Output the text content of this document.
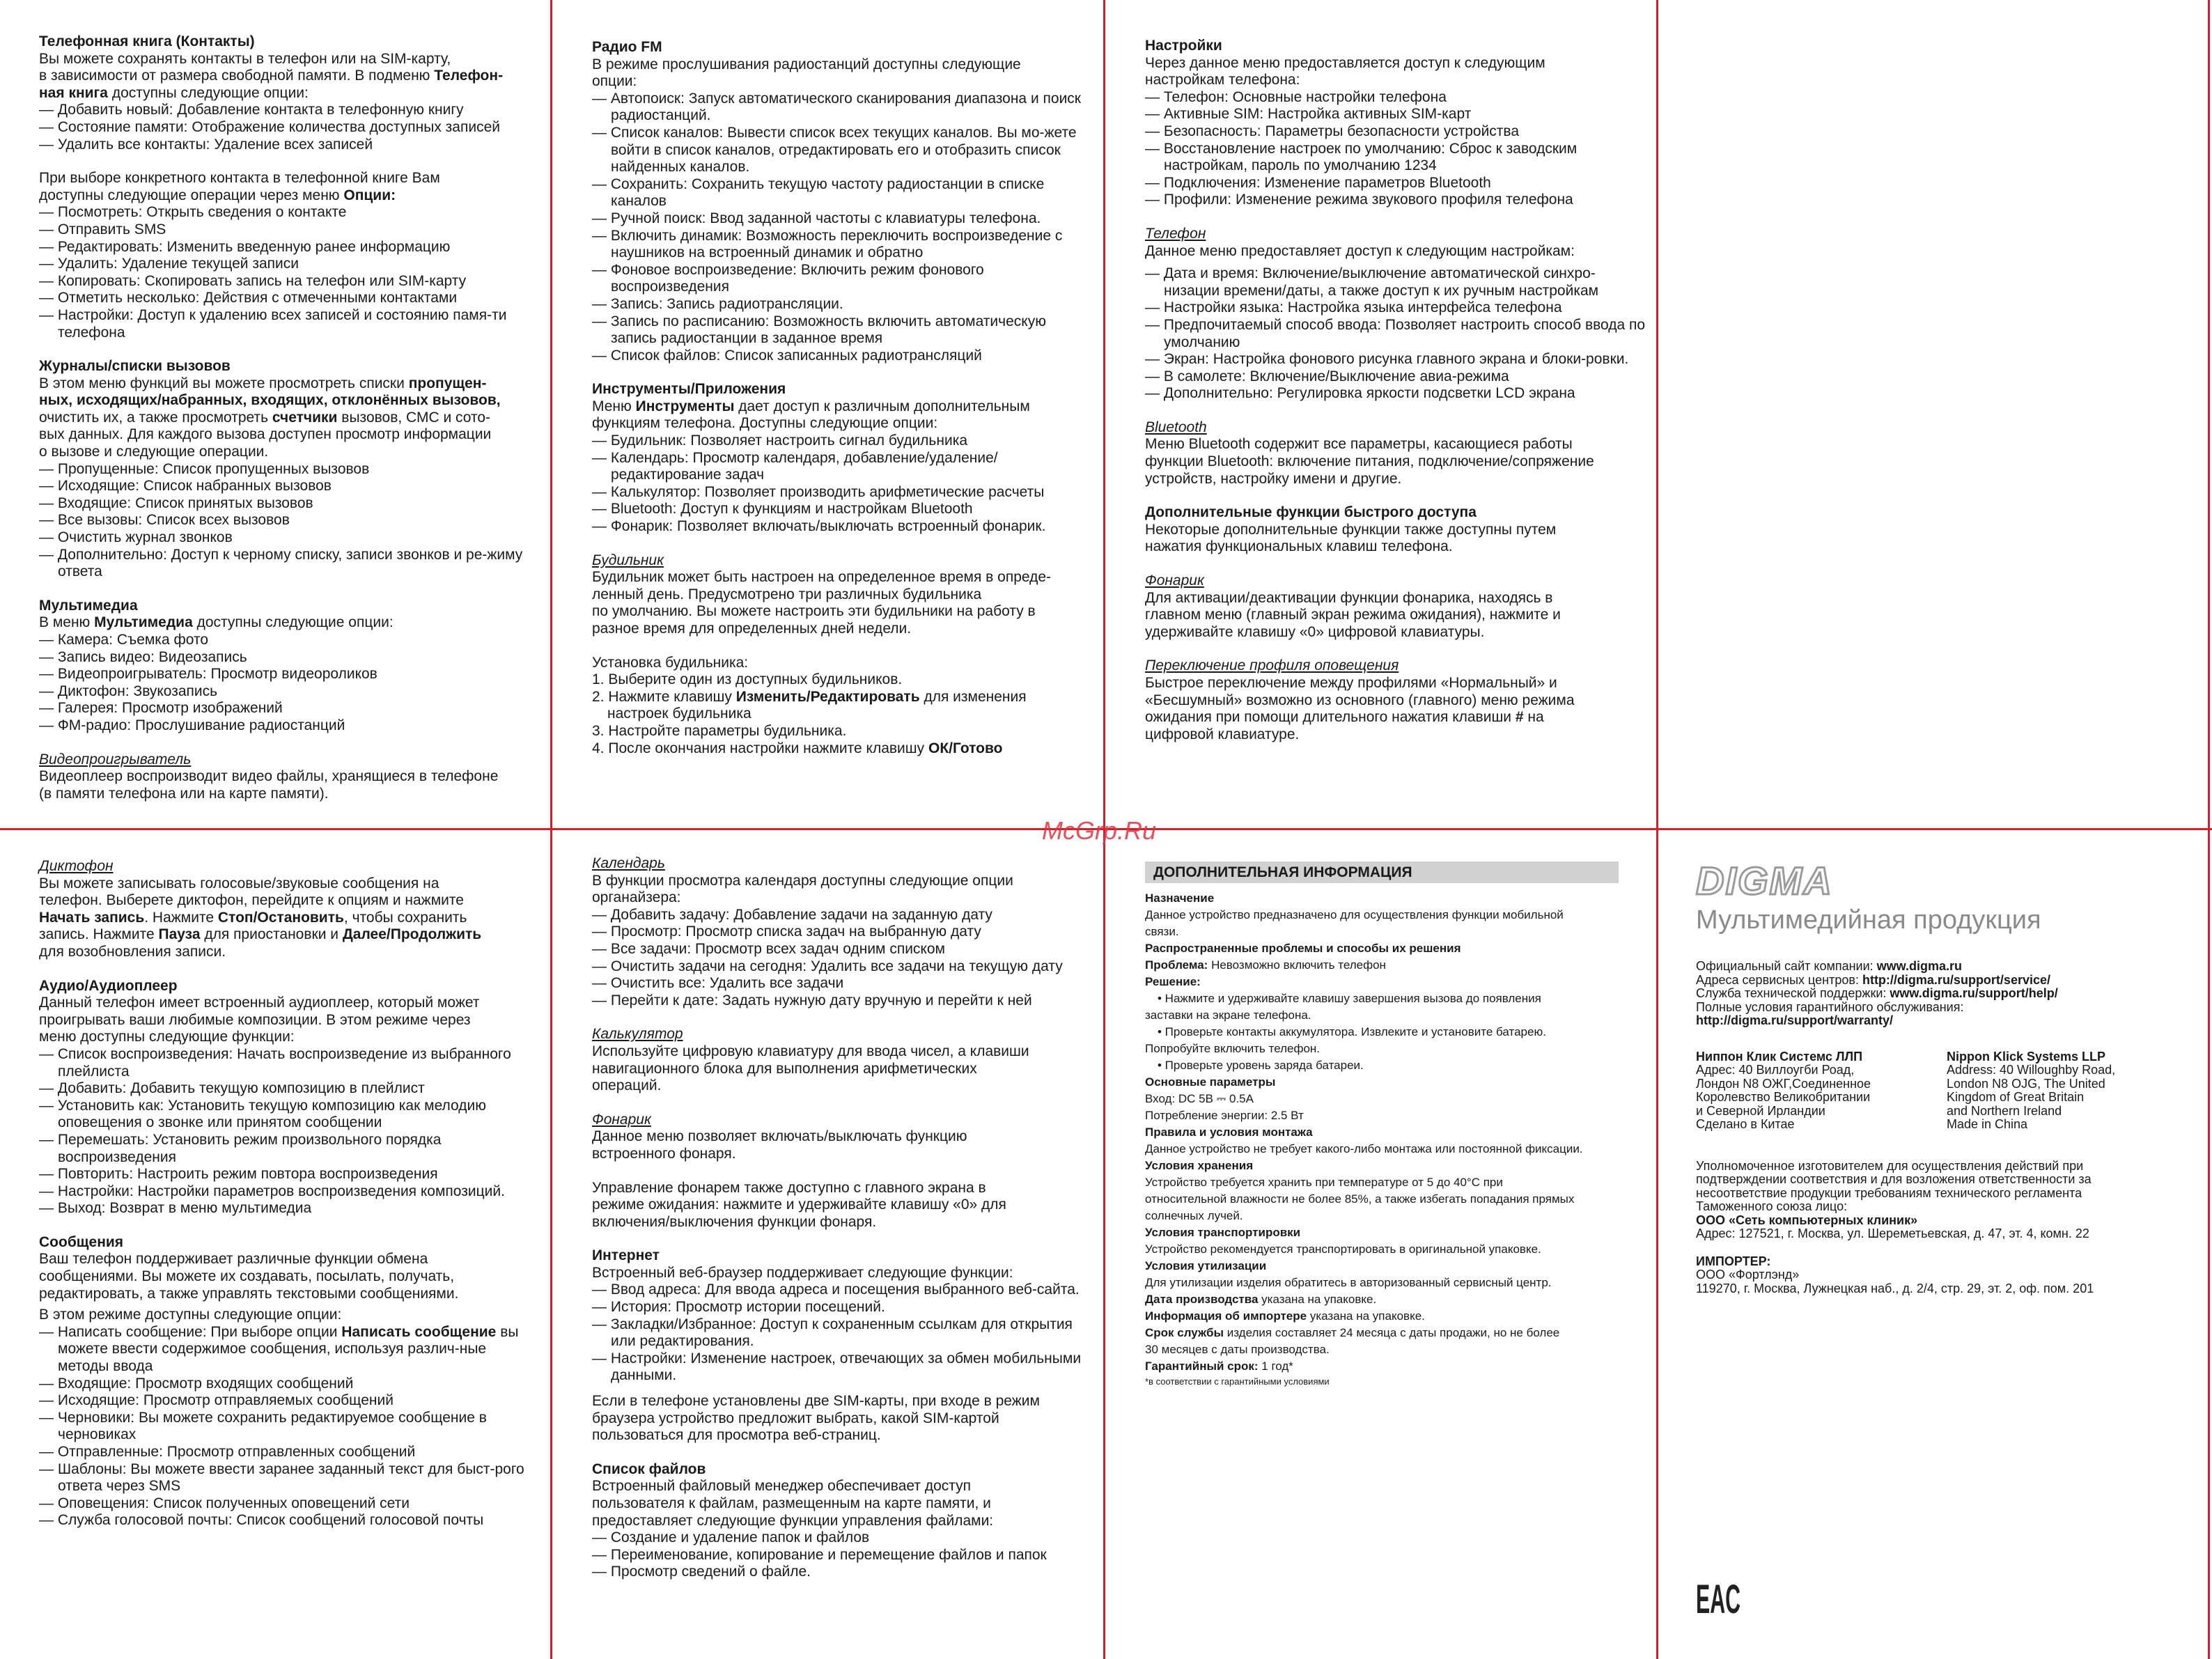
McGrp.Ru
Телефонная книга (Контакты)

Вы можете сохранять контакты в телефон или на SIM-карту,

в зависимости от размера свободной памяти. В подменю Телефон-

ная книга доступны следующие опции:

— Добавить новый: Добавление контакта в телефонную книгу
— Состояние памяти: Отображение количества доступных записей
— Удалить все контакты: Удаление всех записей

При выборе конкретного контакта в телефонной книге Вам

доступны следующие операции через меню Опции:

— Посмотреть: Открыть сведения о контакте
— Отправить SMS
— Редактировать: Изменить введенную ранее информацию
— Удалить: Удаление текущей записи
— Копировать: Скопировать запись на телефон или SIM-карту
— Отметить несколько: Действия с отмеченными контактами
— Настройки: Доступ к удалению всех записей и состоянию памя-ти телефона
Журналы/списки вызовов

В этом меню функций вы можете просмотреть списки пропущен-

ных, исходящих/набранных, входящих, отклонённых вызовов,

очистить их, а также просмотреть счетчики вызовов, СМС и сото-

вых данных. Для каждого вызова доступен просмотр информации

о вызове и следующие операции.

— Пропущенные: Список пропущенных вызовов
— Исходящие: Список набранных вызовов
— Входящие: Список принятых вызовов
— Все вызовы: Список всех вызовов
— Очистить журнал звонков
— Дополнительно: Доступ к черному списку, записи звонков и ре-жиму ответа
Мультимедиа

В меню Мультимедиа доступны следующие опции:

— Камера: Съемка фото
— Запись видео: Видеозапись
— Видеопроигрыватель: Просмотр видеороликов
— Диктофон: Звукозапись
— Галерея: Просмотр изображений
— ФМ-радио: Прослушивание радиостанций

Видеопроигрыватель

Видеоплеер воспроизводит видео файлы, хранящиеся в телефоне

(в памяти телефона или на карте памяти).

Радио FM

В режиме прослушивания радиостанций доступны следующие

опции:

— Автопоиск: Запуск автоматического сканирования диапазона и поиск радиостанций.
— Список каналов: Вывести список всех текущих каналов. Вы мо-жете войти в список каналов, отредактировать его и отобразить список найденных каналов.
— Сохранить: Сохранить текущую частоту радиостанции в списке каналов
— Ручной поиск: Ввод заданной частоты с клавиатуры телефона.
— Включить динамик: Возможность переключить воспроизведение с наушников на встроенный динамик и обратно
— Фоновое воспроизведение: Включить режим фонового воспроизведения
— Запись: Запись радиотрансляции.
— Запись по расписанию: Возможность включить автоматическую запись радиостанции в заданное время
— Список файлов: Список записанных радиотрансляций
Инструменты/Приложения

Меню Инструменты дает доступ к различным дополнительным

функциям телефона. Доступны следующие опции:

— Будильник: Позволяет настроить сигнал будильника
— Календарь: Просмотр календаря, добавление/удаление/ редактирование задач
— Калькулятор: Позволяет производить арифметические расчеты
— Bluetooth: Доступ к функциям и настройкам Bluetooth
— Фонарик: Позволяет включать/выключать встроенный фонарик.

Будильник

Будильник может быть настроен на определенное время в опреде-

ленный день. Предусмотрено три различных будильника

по умолчанию. Вы можете настроить эти будильники на работу в

разное время для определенных дней недели.

Установка будильника:

1. Выберите один из доступных будильников.
2. Нажмите клавишу Изменить/Редактировать для изменения
настроек будильника
3. Настройте параметры будильника.
4. После окончания настройки нажмите клавишу ОК/Готово
Настройки

Через данное меню предоставляется доступ к следующим

настройкам телефона:

— Телефон: Основные настройки телефона
— Активные SIM: Настройка активных SIM-карт
— Безопасность: Параметры безопасности устройства
— Восстановление настроек по умолчанию: Сброс к заводским настройкам, пароль по умолчанию 1234
— Подключения: Изменение параметров Bluetooth
— Профили: Изменение режима звукового профиля телефона

Телефон

Данное меню предоставляет доступ к следующим настройкам:

— Дата и время: Включение/выключение автоматической синхро-низации времени/даты, а также доступ к их ручным настройкам
— Настройки языка: Настройка языка интерфейса телефона
— Предпочитаемый способ ввода: Позволяет настроить способ ввода по умолчанию
— Экран: Настройка фонового рисунка главного экрана и блоки-ровки.
— В самолете: Включение/Выключение авиа-режима
— Дополнительно: Регулировка яркости подсветки LCD экрана

Bluetooth

Меню Bluetooth содержит все параметры, касающиеся работы

функции Bluetooth: включение питания, подключение/сопряжение

устройств, настройку имени и другие.

Дополнительные функции быстрого доступа

Некоторые дополнительные функции также доступны путем

нажатия функциональных клавиш телефона.

Фонарик

Для активации/деактивации функции фонарика, находясь в

главном меню (главный экран режима ожидания), нажмите и

удерживайте клавишу «0» цифровой клавиатуры.

Переключение профиля оповещения

Быстрое переключение между профилями «Нормальный» и

«Бесшумный» возможно из основного (главного) меню режима

ожидания при помощи длительного нажатия клавиши # на

цифровой клавиатуре.

Диктофон

Вы можете записывать голосовые/звуковые сообщения на

телефон. Выберете диктофон, перейдите к опциям и нажмите

Начать запись. Нажмите Стоп/Остановить, чтобы сохранить

запись. Нажмите Пауза для приостановки и Далее/Продолжить

для возобновления записи.

Аудио/Аудиоплеер

Данный телефон имеет встроенный аудиоплеер, который может

проигрывать ваши любимые композиции. В этом режиме через

меню доступны следующие функции:

— Список воспроизведения: Начать воспроизведение из выбранного плейлиста
— Добавить: Добавить текущую композицию в плейлист
— Установить как: Установить текущую композицию как мелодию оповещения о звонке или принятом сообщении
— Перемешать: Установить режим произвольного порядка воспроизведения
— Повторить: Настроить режим повтора воспроизведения
— Настройки: Настройки параметров воспроизведения композиций.
— Выход: Возврат в меню мультимедиа
Сообщения

Ваш телефон поддерживает различные функции обмена

сообщениями. Вы можете их создавать, посылать, получать,

редактировать, а также управлять текстовыми сообщениями.

В этом режиме доступны следующие опции:

— Написать сообщение: При выборе опции Написать сообщение вы можете ввести содержимое сообщения, используя различ-ные методы ввода
— Входящие: Просмотр входящих сообщений
— Исходящие: Просмотр отправляемых сообщений
— Черновики: Вы можете сохранить редактируемое сообщение в черновиках
— Отправленные: Просмотр отправленных сообщений
— Шаблоны: Вы можете ввести заранее заданный текст для быст-рого ответа через SMS
— Оповещения: Список полученных оповещений сети
— Служба голосовой почты: Список сообщений голосовой почты

Календарь

В функции просмотра календаря доступны следующие опции

органайзера:

— Добавить задачу: Добавление задачи на заданную дату
— Просмотр: Просмотр списка задач на выбранную дату
— Все задачи: Просмотр всех задач одним списком
— Очистить задачи на сегодня: Удалить все задачи на текущую дату
— Очистить все: Удалить все задачи
— Перейти к дате: Задать нужную дату вручную и перейти к ней

Калькулятор

Используйте цифровую клавиатуру для ввода чисел, а клавиши

навигационного блока для выполнения арифметических

операций.

Фонарик

Данное меню позволяет включать/выключать функцию

встроенного фонаря.

Управление фонарем также доступно с главного экрана в

режиме ожидания: нажмите и удерживайте клавишу «0» для

включения/выключения функции фонаря.

Интернет

Встроенный веб-браузер поддерживает следующие функции:

— Ввод адреса: Для ввода адреса и посещения выбранного веб-сайта.
— История: Просмотр истории посещений.
— Закладки/Избранное: Доступ к сохраненным ссылкам для открытия или редактирования.
— Настройки: Изменение настроек, отвечающих за обмен мобильными данными.

Если в телефоне установлены две SIM-карты, при входе в режим

браузера устройство предложит выбрать, какой SIM-картой

пользоваться для просмотра веб-страниц.

Список файлов

Встроенный файловый менеджер обеспечивает доступ

пользователя к файлам, размещенным на карте памяти, и

предоставляет следующие функции управления файлами:

— Создание и удаление папок и файлов
— Переименование, копирование и перемещение файлов и папок
— Просмотр сведений о файле.
ДОПОЛНИТЕЛЬНАЯ ИНФОРМАЦИЯ
Назначение

Данное устройство предназначено для осуществления функции мобильной

связи.

Распространенные проблемы и способы их решения

Проблема: Невозможно включить телефон

Решение:

• Нажмите и удерживайте клавишу завершения вызова до появления

заставки на экране телефона.

• Проверьте контакты аккумулятора. Извлеките и установите батарею.

Попробуйте включить телефон.

• Проверьте уровень заряда батареи.

Основные параметры

Вход: DC 5B ⎓ 0.5A

Потребление энергии: 2.5 Вт

Правила и условия монтажа

Данное устройство не требует какого-либо монтажа или постоянной фиксации.

Условия хранения

Устройство требуется хранить при температуре от 5 до 40°С при

относительной влажности не более 85%, а также избегать попадания прямых

солнечных лучей.

Условия транспортировки

Устройство рекомендуется транспортировать в оригинальной упаковке.

Условия утилизации

Для утилизации изделия обратитесь в авторизованный сервисный центр.

Дата производства указана на упаковке.

Информация об импортере указана на упаковке.

Срок службы изделия составляет 24 месяца с даты продажи, но не более

30 месяцев с даты производства.

Гарантийный срок: 1 год*

*в соответствии с гарантийными условиями

DIGMA
Мультимедийная продукция

Официальный сайт компании: www.digma.ru

Адреса сервисных центров: http://digma.ru/support/service/

Служба технической поддержки: www.digma.ru/support/help/

Полные условия гарантийного обслуживания:

http://digma.ru/support/warranty/

Ниппон Клик Системс ЛЛП

Адрес: 40 Виллоугби Роад,

Лондон N8 ОЖГ,Соединенное

Королевство Великобритании

и Северной Ирландии

Сделано в Китае

Nippon Klick Systems LLP

Address: 40 Willoughby Road,

London N8 OJG, The United

Kingdom of Great Britain

and Northern Ireland

Made in China

Уполномоченное изготовителем для осуществления действий при

подтверждении соответствия и для возложения ответственности за

несоответствие продукции требованиям технического регламента

Таможенного союза лицо:

ООО «Сеть компьютерных клиник»

Адрес: 127521, г. Москва, ул. Шереметьевская, д. 47, эт. 4, комн. 22

ИМПОРТЕР:

ООО «Фортлэнд»

119270, г. Москва, Лужнецкая наб., д. 2/4, стр. 29, эт. 2, оф. пом. 201

EAC
